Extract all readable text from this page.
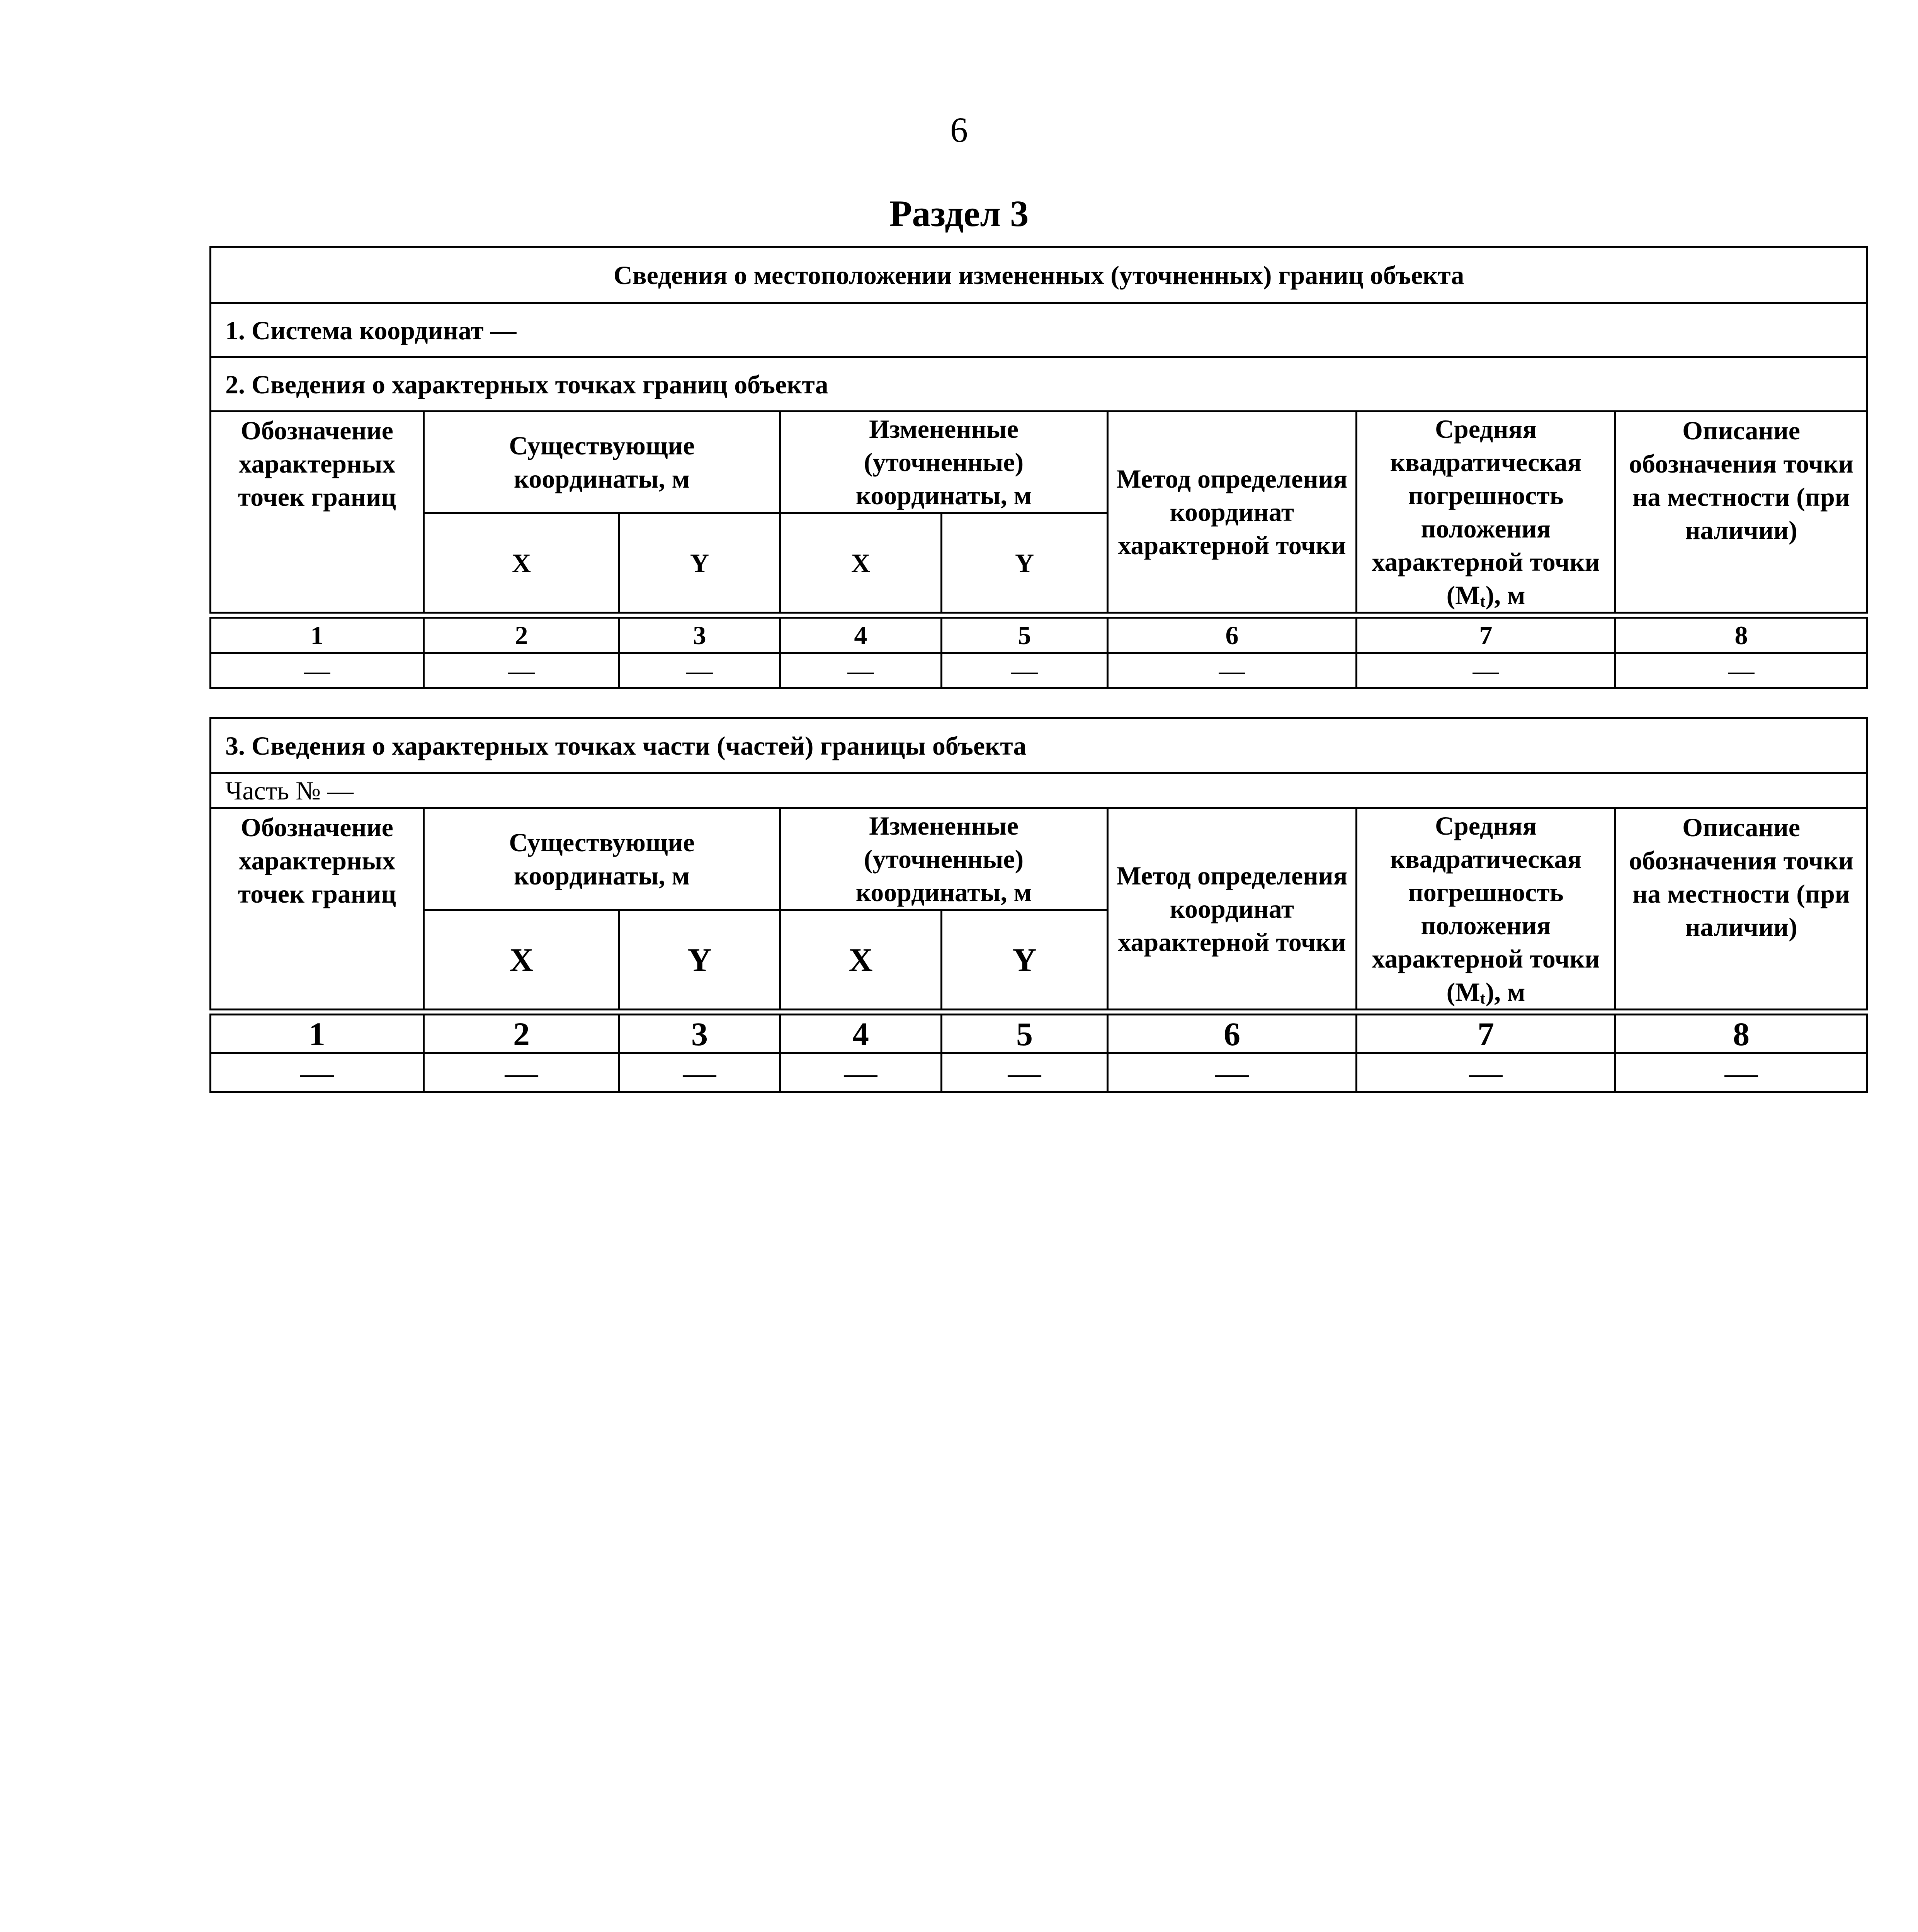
6
Раздел 3
Сведения о местоположении измененных (уточненных) границ объекта							
1. Система координат —							
2. Сведения о характерных точках границ объекта							
Обозначение характерных точек границ	Существующие координаты, м		Измененные (уточненные) координаты, м		Метод определения координат характерной точки	Средняя квадратическая погрешность положения характерной точки $(M_t)$, м	Описание обозначения точки на местности (при наличии)
	X	Y	X	Y			

1	2	3	4	5	6	7	8
—	—	—	—	—	—	—	—
3. Сведения о характерных точках части (частей) границы объекта							
Часть № —							
Обозначение характерных точек границ	Существующие координаты, м		Измененные (уточненные) координаты, м		Метод определения координат характерной точки	Средняя квадратическая погрешность положения характерной точки $(M_t)$, м	Описание обозначения точки на местности (при наличии)
	X	Y	X	Y			

1	2	3	4	5	6	7	8
—	—	—	—	—	—	—	—
